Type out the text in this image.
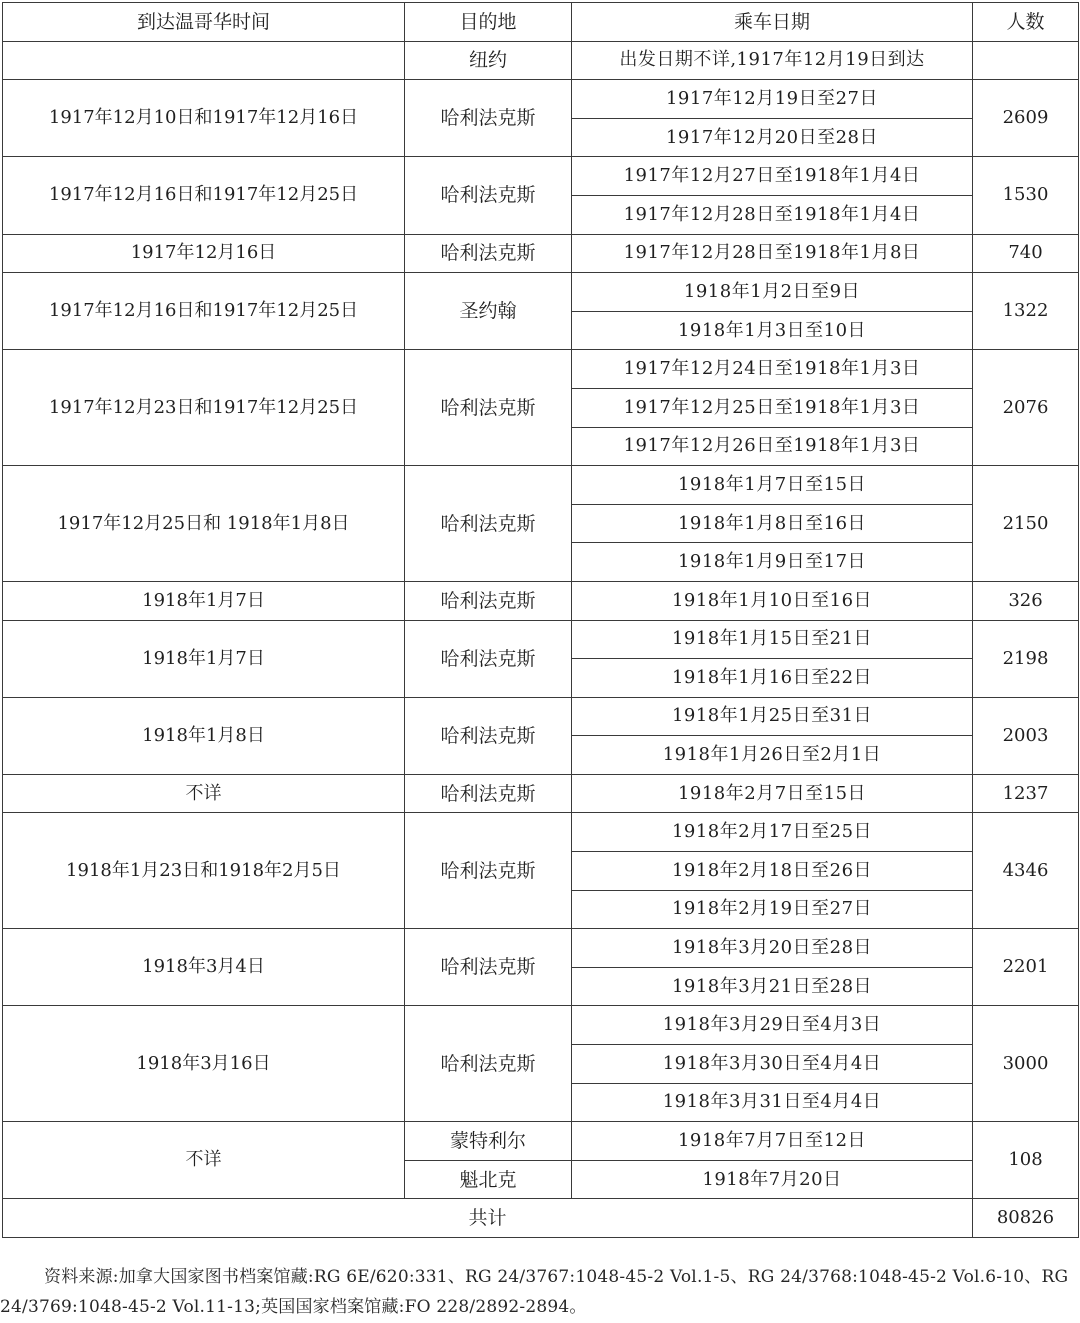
到达温哥华时间	目的地	乘车日期	人数
	纽约	出发日期不详,1917年12月19日到达	
1917年12月10日和1917年12月16日	哈利法克斯	1917年12月19日至27日	2609
		1917年12月20日至28日	
1917年12月16日和1917年12月25日	哈利法克斯	1917年12月27日至1918年1月4日	1530
		1917年12月28日至1918年1月4日	
1917年12月16日	哈利法克斯	1917年12月28日至1918年1月8日	740
1917年12月16日和1917年12月25日	圣约翰	1918年1月2日至9日	1322
		1918年1月3日至10日	
1917年12月23日和1917年12月25日	哈利法克斯	1917年12月24日至1918年1月3日	2076
		1917年12月25日至1918年1月3日	
		1917年12月26日至1918年1月3日	
1917年12月25日和 1918年1月8日	哈利法克斯	1918年1月7日至15日	2150
		1918年1月8日至16日	
		1918年1月9日至17日	
1918年1月7日	哈利法克斯	1918年1月10日至16日	326
1918年1月7日	哈利法克斯	1918年1月15日至21日	2198
		1918年1月16日至22日	
1918年1月8日	哈利法克斯	1918年1月25日至31日	2003
		1918年1月26日至2月1日	
不详	哈利法克斯	1918年2月7日至15日	1237
1918年1月23日和1918年2月5日	哈利法克斯	1918年2月17日至25日	4346
		1918年2月18日至26日	
		1918年2月19日至27日	
1918年3月4日	哈利法克斯	1918年3月20日至28日	2201
		1918年3月21日至28日	
1918年3月16日	哈利法克斯	1918年3月29日至4月3日	3000
		1918年3月30日至4月4日	
		1918年3月31日至4月4日	
不详	蒙特利尔	1918年7月7日至12日	108
	魁北克	1918年7月20日	
共计			80826
资料来源:加拿大国家图书档案馆藏:RG 6E/620:331、RG 24/3767:1048-45-2 Vol.1-5、RG 24/3768:1048-45-2 Vol.6-10、RG 24/3769:1048-45-2 Vol.11-13;英国国家档案馆藏:FO 228/2892-2894。
